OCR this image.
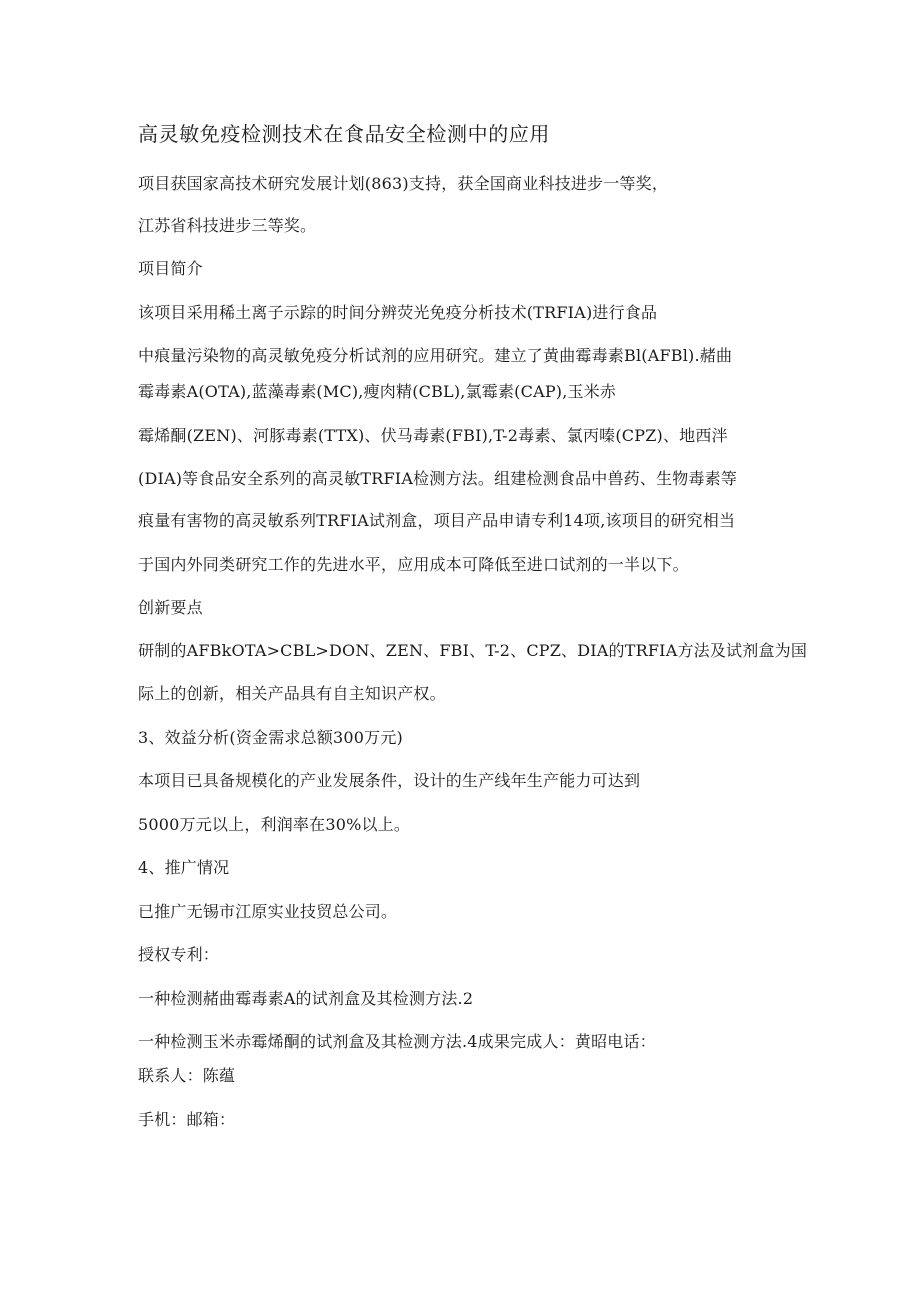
高灵敏免疫检测技术在食品安全检测中的应用
项目获国家高技术研究发展计划(863)支持，获全国商业科技进步一等奖，
江苏省科技进步三等奖。
项目简介
该项目采用稀土离子示踪的时间分辨荧光免疫分析技术(TRFIA)进行食品
中痕量污染物的高灵敏免疫分析试剂的应用研究。建立了黄曲霉毒素Bl(AFBl).赭曲
霉毒素A(OTA),蓝藻毒素(MC),瘦肉精(CBL),氯霉素(CAP),玉米赤
霉烯酮(ZEN)、河豚毒素(TTX)、伏马毒素(FBI),T-2毒素、氯丙嗪(CPZ)、地西泮
(DIA)等食品安全系列的高灵敏TRFIA检测方法。组建检测食品中兽药、生物毒素等
痕量有害物的高灵敏系列TRFIA试剂盒，项目产品申请专利14项,该项目的研究相当
于国内外同类研究工作的先进水平，应用成本可降低至进口试剂的一半以下。
创新要点
研制的AFBkOTA>CBL>DON、ZEN、FBI、T-2、CPZ、DIA的TRFIA方法及试剂盒为国
际上的创新，相关产品具有自主知识产权。
3、效益分析(资金需求总额300万元)
本项目已具备规模化的产业发展条件，设计的生产线年生产能力可达到
5000万元以上，利润率在30%以上。
4、推广情况
已推广无锡市江原实业技贸总公司。
授权专利：
一种检测赭曲霉毒素A的试剂盒及其检测方法.2
一种检测玉米赤霉烯酮的试剂盒及其检测方法.4成果完成人：黄昭电话：
联系人：陈蕴
手机：邮箱：
